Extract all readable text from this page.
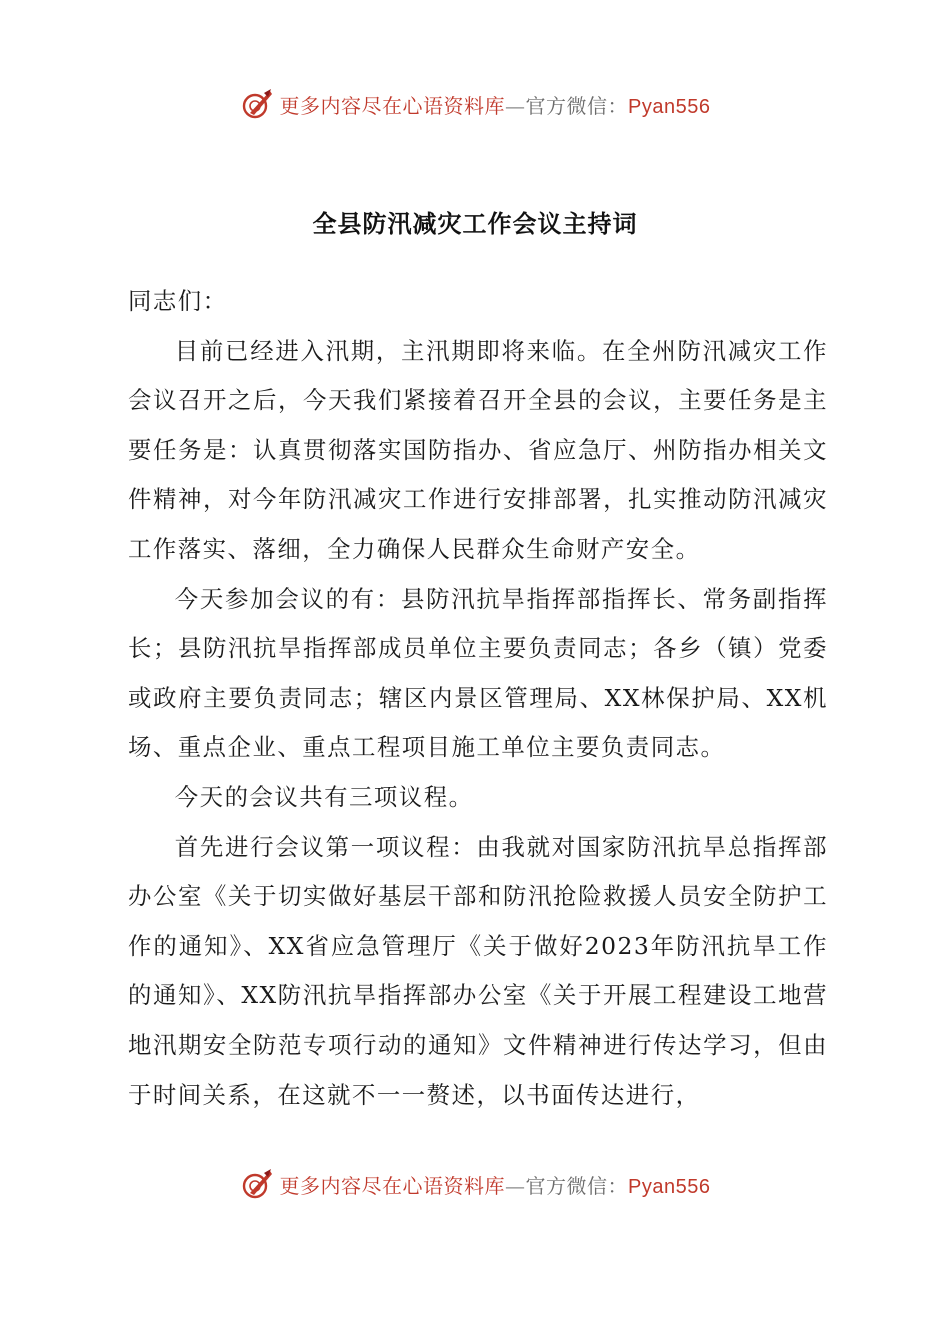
更多内容尽在心语资料库—官方微信：Pyan556
全县防汛减灾工作会议主持词

同志们：

目前已经进入汛期，主汛期即将来临。在全州防汛减灾工作会议召开之后，今天我们紧接着召开全县的会议，主要任务是主要任务是：认真贯彻落实国防指办、省应急厅、州防指办相关文件精神，对今年防汛减灾工作进行安排部署，扎实推动防汛减灾工作落实、落细，全力确保人民群众生命财产安全。

今天参加会议的有：县防汛抗旱指挥部指挥长、常务副指挥长；县防汛抗旱指挥部成员单位主要负责同志；各乡（镇）党委或政府主要负责同志；辖区内景区管理局、XX林保护局、XX机场、重点企业、重点工程项目施工单位主要负责同志。

今天的会议共有三项议程。

首先进行会议第一项议程：由我就对国家防汛抗旱总指挥部办公室《关于切实做好基层干部和防汛抢险救援人员安全防护工作的通知》、XX省应急管理厅《关于做好2023年防汛抗旱工作的通知》、XX防汛抗旱指挥部办公室《关于开展工程建设工地营地汛期安全防范专项行动的通知》文件精神进行传达学习，但由于时间关系，在这就不一一赘述，以书面传达进行，

更多内容尽在心语资料库—官方微信：Pyan556
